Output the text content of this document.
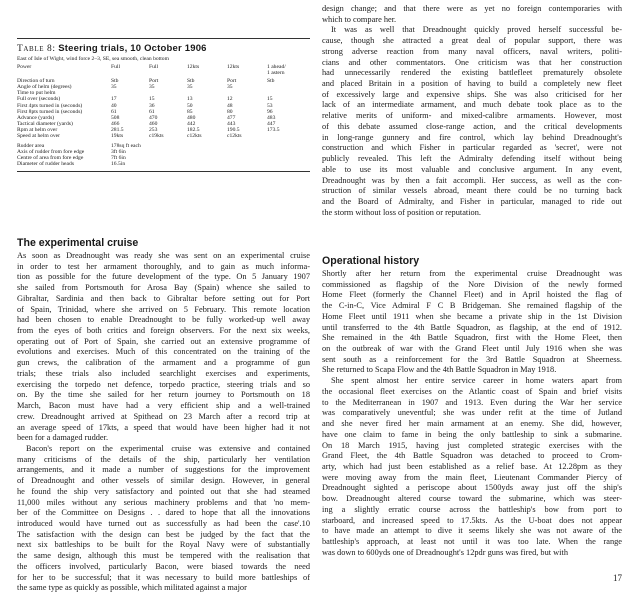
Table 8: Steering trials, 10 October 1906
East of Isle of Wight, wind force 2–3, SE, sea smooth, clean bottom
Power	Full	Full	12kts	12kts	1 ahead/
1 astern
Direction of turn	Stb	Port	Stb	Port	Stb
Angle of helm (degrees)	35	35	35	35
Time to put helm
Full over (seconds)	17	15	13	12	15
First 4pts turned in (seconds)	40	36	50	48	53
First 8pts turned in (seconds)	61	61	85	80	96
Advance (yards)	508	470	480	477	483
Tactical diameter (yards)	466	460	442	443	447
Rpm at helm over	281.5	253	182.5	190.5	173.5
Speed at helm over	19kts	c19kts	c12kts	c12kts
Rudder area	178sq ft each
Axis of rudder from fore edge	3ft 6in
Centre of area from fore edge	7ft 6in
Diameter of rudder heads	16.5in
The experimental cruise
As soon as Dreadnought was ready she was sent on an experimental cruise
in order to test her armament thoroughly, and to gain as much informa-
tion as possible for the future development of the type. On 5 January 1907
she sailed from Portsmouth for Arosa Bay (Spain) whence she sailed to
Gibraltar, Sardinia and then back to Gibraltar before setting out for Port
of Spain, Trinidad, where she arrived on 5 February. This remote location
had been chosen to enable Dreadnought to be fully worked-up well away
from the eyes of both critics and foreign observers. For the next six weeks,
operating out of Port of Spain, she carried out an extensive programme of
evolutions and exercises. Much of this concentrated on the training of the
gun crews, the calibration of the armament and a programme of gun
trials; these trials also included searchlight exercises and experiments,
exercising the torpedo net defence, torpedo practice, steering trials and so
on. By the time she sailed for her return journey to Portsmouth on 18
March, Bacon must have had a very efficient ship and a well-trained
crew. Dreadnought arrived at Spithead on 23 March after a record trip at
an average speed of 17kts, a speed that would have been higher had it not
been for a damaged rudder.
Bacon's report on the experimental cruise was extensive and contained
many criticisms of the details of the ship, particularly her ventilation
arrangements, and it made a number of suggestions for the improvement
of Dreadnought and other vessels of similar design. However, in general
he found the ship very satisfactory and pointed out that she had steamed
11,000 miles without any serious machinery problems and that 'no mem-
ber of the Committee on Designs . . dared to hope that all the innovations
introduced would have turned out as successfully as had been the case'.10
The satisfaction with the design can best be judged by the fact that the
next six battleships to be built for the Royal Navy were of substantially
the same design, although this must be tempered with the realisation that
the officers involved, particularly Bacon, were biased towards the need
for her to be successful; that it was necessary to build more battleships of
the same type as quickly as possible, which militated against a major
design change; and that there were as yet no foreign contemporaries with
which to compare her.
It was as well that Dreadnought quickly proved herself successful be-
cause, though she attracted a great deal of popular support, there was
strong adverse reaction from many naval officers, naval writers, politi-
cians and other commentators. One criticism was that her construction
had unnecessarily rendered the existing battlefleet prematurely obsolete
and placed Britain in a position of having to build a completely new fleet
of excessively large and expensive ships. She was also criticised for her
lack of an intermediate armament, and much debate took place as to the
relative merits of uniform- and mixed-calibre armaments. However, most
of this debate assumed close-range action, and the critical developments
in long-range gunnery and fire control, which lay behind Dreadnought's
construction and which Fisher in particular regarded as 'secret', were not
publicly revealed. This left the Admiralty defending itself without being
able to use its most valuable and conclusive argument. In any event,
Dreadnought was by then a fait accompli. Her success, as well as the con-
struction of similar vessels abroad, meant there could be no turning back
and the Board of Admiralty, and Fisher in particular, managed to ride out
the storm without loss of position or reputation.
Operational history
Shortly after her return from the experimental cruise Dreadnought was
commissioned as flagship of the Nore Division of the newly formed
Home Fleet (formerly the Channel Fleet) and in April hoisted the flag of
the C-in-C, Vice Admiral F C B Bridgeman. She remained flagship of the
Home Fleet until 1911 when she became a private ship in the 1st Division
until transferred to the 4th Battle Squadron, as flagship, at the end of 1912.
She remained in the 4th Battle Squadron, first with the Home Fleet, then
on the outbreak of war with the Grand Fleet until July 1916 when she was
sent south as a reinforcement for the 3rd Battle Squadron at Sheerness.
She returned to Scapa Flow and the 4th Battle Squadron in May 1918.
She spent almost her entire service career in home waters apart from
the occasional fleet exercises on the Atlantic coast of Spain and brief visits
to the Mediterranean in 1907 and 1913. Even during the War her service
was comparatively uneventful; she was under refit at the time of Jutland
and she never fired her main armament at an enemy. She did, however,
have one claim to fame in being the only battleship to sink a submarine.
On 18 March 1915, having just completed strategic exercises with the
Grand Fleet, the 4th Battle Squadron was detached to proceed to Crom-
arty, which had just been established as a relief base. At 12.28pm as they
were moving away from the main fleet, Lieutenant Commander Piercy of
Dreadnought sighted a periscope about 1500yds away just off the ship's
bow. Dreadnought altered course toward the submarine, which was steer-
ing a slightly erratic course across the battleship's bow from port to
starboard, and increased speed to 17.5kts. As the U-boat does not appear
to have made an attempt to dive it seems likely she was not aware of the
battleship's approach, at least not until it was too late. When the range
was down to 600yds one of Dreadnought's 12pdr guns was fired, but with
17
